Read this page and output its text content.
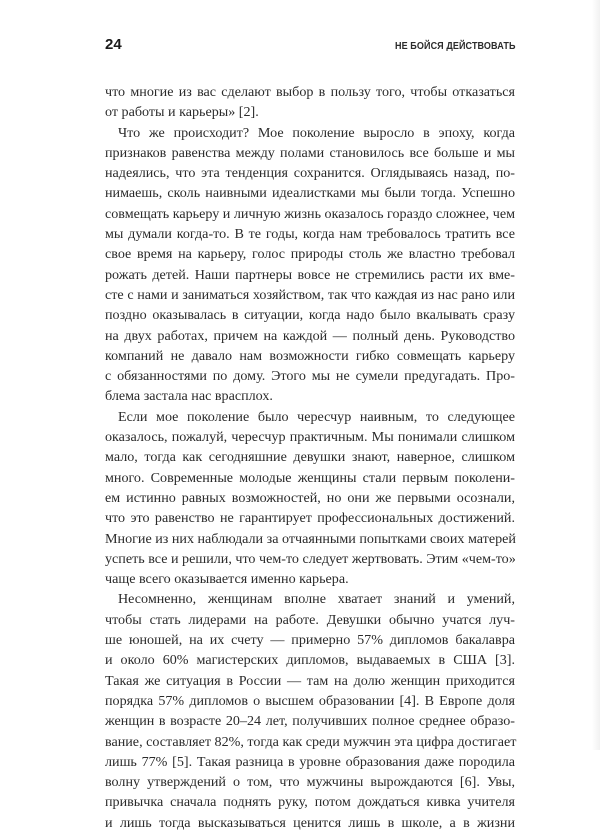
24	НЕ БОЙСЯ ДЕЙСТВОВАТЬ
что многие из вас сделают выбор в пользу того, чтобы отказаться
от работы и карьеры» [2].
Что же происходит? Мое поколение выросло в эпоху, когда
признаков равенства между полами становилось все больше и мы
надеялись, что эта тенденция сохранится. Оглядываясь назад, по-
нимаешь, сколь наивными идеалистками мы были тогда. Успешно
совмещать карьеру и личную жизнь оказалось гораздо сложнее, чем
мы думали когда-то. В те годы, когда нам требовалось тратить все
свое время на карьеру, голос природы столь же властно требовал
рожать детей. Наши партнеры вовсе не стремились расти их вме-
сте с нами и заниматься хозяйством, так что каждая из нас рано или
поздно оказывалась в ситуации, когда надо было вкалывать сразу
на двух работах, причем на каждой — полный день. Руководство
компаний не давало нам возможности гибко совмещать карьеру
с обязанностями по дому. Этого мы не сумели предугадать. Про-
блема застала нас врасплох.
Если мое поколение было чересчур наивным, то следующее
оказалось, пожалуй, чересчур практичным. Мы понимали слишком
мало, тогда как сегодняшние девушки знают, наверное, слишком
много. Современные молодые женщины стали первым поколени-
ем истинно равных возможностей, но они же первыми осознали,
что это равенство не гарантирует профессиональных достижений.
Многие из них наблюдали за отчаянными попытками своих матерей
успеть все и решили, что чем-то следует жертвовать. Этим «чем-то»
чаще всего оказывается именно карьера.
Несомненно, женщинам вполне хватает знаний и умений,
чтобы стать лидерами на работе. Девушки обычно учатся луч-
ше юношей, на их счету — примерно 57% дипломов бакалавра
и около 60% магистерских дипломов, выдаваемых в США [3].
Такая же ситуация в России — там на долю женщин приходится
порядка 57% дипломов о высшем образовании [4]. В Европе доля
женщин в возрасте 20–24 лет, получивших полное среднее образо-
вание, составляет 82%, тогда как среди мужчин эта цифра достигает
лишь 77% [5]. Такая разница в уровне образования даже породила
волну утверждений о том, что мужчины вырождаются [6]. Увы,
привычка сначала поднять руку, потом дождаться кивка учителя
и лишь тогда высказываться ценится лишь в школе, а в жизни
